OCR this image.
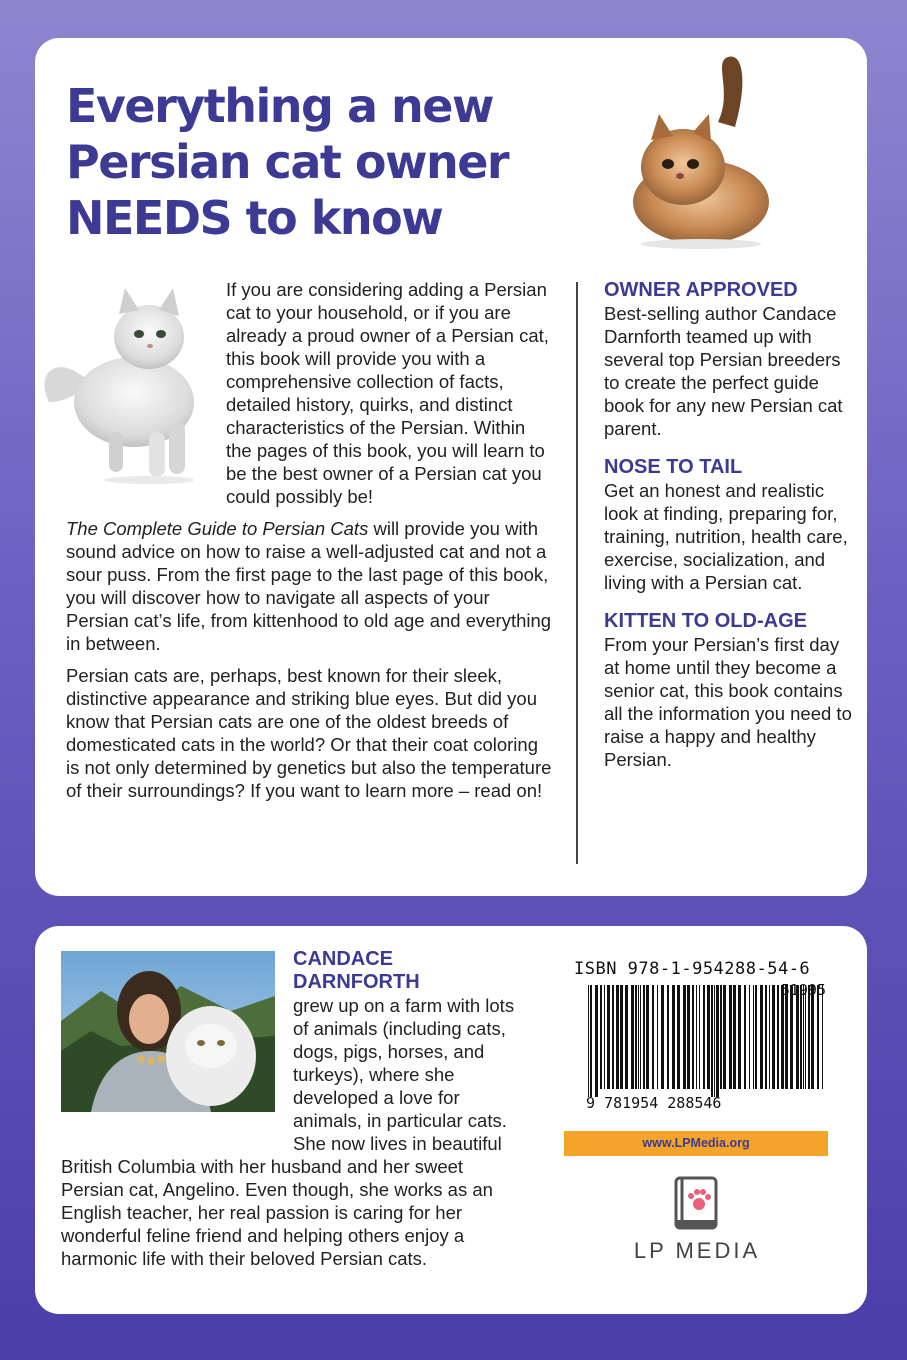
Everything a new
Persian cat owner
NEEDS to know

If you are considering adding a Persian cat to your household, or if you are already a proud owner of a Persian cat, this book will provide you with a comprehensive collection of facts, detailed history, quirks, and distinct characteristics of the Persian. Within the pages of this book, you will learn to be the best owner of a Persian cat you could possibly be!

The Complete Guide to Persian Cats will provide you with sound advice on how to raise a well-adjusted cat and not a sour puss. From the first page to the last page of this book, you will discover how to navigate all aspects of your Persian cat’s life, from kittenhood to old age and everything in between.

Persian cats are, perhaps, best known for their sleek, distinctive appearance and striking blue eyes. But did you know that Persian cats are one of the oldest breeds of domesticated cats in the world? Or that their coat coloring is not only determined by genetics but also the temperature of their surroundings? If you want to learn more – read on!

OWNER APPROVED

Best-selling author Candace Darnforth teamed up with several top Persian breeders to create the perfect guide book for any new Persian cat parent.

NOSE TO TAIL

Get an honest and realistic look at finding, preparing for, training, nutrition, health care, exercise, socialization, and living with a Persian cat.

KITTEN TO OLD-AGE

From your Persian’s first day at home until they become a senior cat, this book contains all the information you need to raise a happy and healthy Persian.

CANDACE DARNFORTH
grew up on a farm with lots of animals (including cats, dogs, pigs, horses, and turkeys), where she developed a love for animals, in particular cats. She now lives in beautiful British Columbia with her husband and her sweet Persian cat, Angelino. Even though, she works as an English teacher, her real passion is caring for her wonderful feline friend and helping others enjoy a harmonic life with their beloved Persian cats.
ISBN 978-1-954288-54-6
51995
9 781954 288546
www.LPMedia.org
LP MEDIA
